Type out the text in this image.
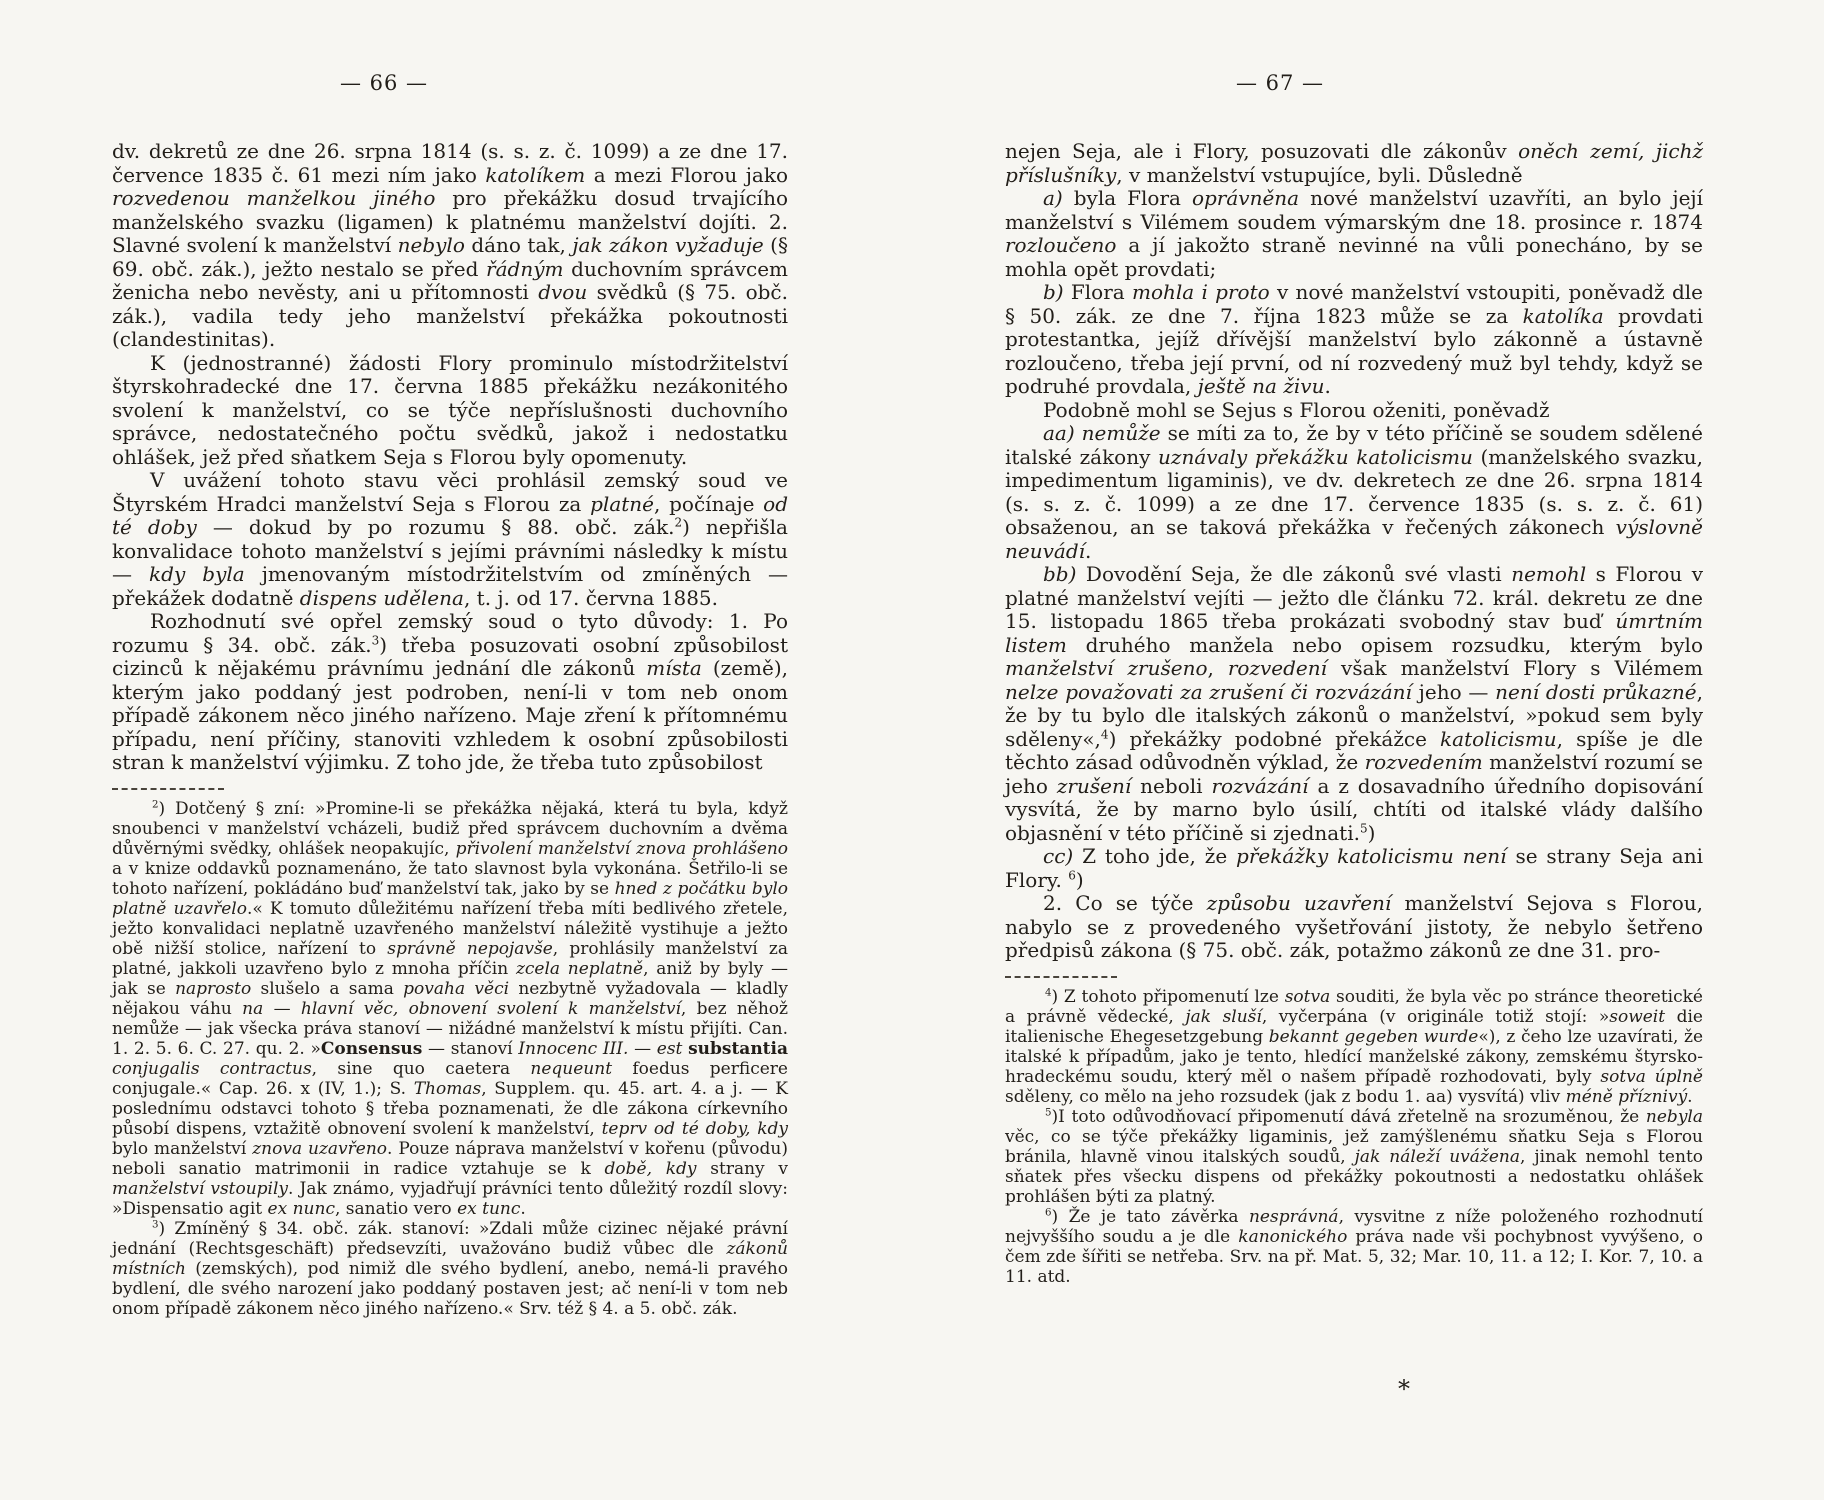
— 66 —

dv. dekretů ze dne 26. srpna 1814 (s. s. z. č. 1099) a ze dne 17. července 1835 č. 61 mezi ním jako katolíkem a mezi Florou jako rozvedenou manželkou jiného pro překážku dosud trvajícího manželského svazku (ligamen) k platnému manželství dojíti. 2. Slavné svolení k manželství nebylo dáno tak, jak zákon vyžaduje (§ 69. obč. zák.), ježto nestalo se před řádným duchovním správcem ženicha nebo nevěsty, ani u přítomnosti dvou svědků (§ 75. obč. zák.), vadila tedy jeho manželství překážka pokoutnosti (clandestinitas).

K (jednostranné) žádosti Flory prominulo místodržitelství štyrskohradecké dne 17. června 1885 překážku nezákonitého svolení k manželství, co se týče nepříslušnosti duchovního správce, nedostatečného počtu svědků, jakož i nedostatku ohlášek, jež před sňatkem Seja s Florou byly opomenuty.

V uvážení tohoto stavu věci prohlásil zemský soud ve Štyrském Hradci manželství Seja s Florou za platné, počínaje od té doby — dokud by po rozumu § 88. obč. zák.$^2$) nepřišla konvalidace tohoto manželství s jejími právními následky k místu — kdy byla jmenovaným místodržitelstvím od zmíněných — překážek dodatně dispens udělena, t. j. od 17. června 1885.

Rozhodnutí své opřel zemský soud o tyto důvody: 1. Po rozumu § 34. obč. zák.$^3$) třeba posuzovati osobní způsobilost cizinců k nějakému právnímu jednání dle zákonů místa (země), kterým jako poddaný jest podroben, není-li v tom neb onom případě zákonem něco jiného nařízeno. Maje zření k přítomnému případu, není příčiny, stanoviti vzhledem k osobní způsobilosti stran k manželství výjimku. Z toho jde, že třeba tuto způsobilost

$^2$) Dotčený § zní: »Promine-li se překážka nějaká, která tu byla, když snoubenci v manželství vcházeli, budiž před správcem duchovním a dvěma důvěrnými svědky, ohlášek neopakujíc, přivolení manželství znova prohlášeno a v knize oddavků poznamenáno, že tato slavnost byla vykonána. Šetřilo-li se tohoto nařízení, pokládáno buď manželství tak, jako by se hned z počátku bylo platně uzavřelo.« K tomuto důležitému nařízení třeba míti bedlivého zřetele, ježto konvalidaci neplatně uzavřeného manželství náležitě vystihuje a ježto obě nižší stolice, nařízení to správně nepojavše, prohlásily manželství za platné, jakkoli uzavřeno bylo z mnoha příčin zcela neplatně, aniž by byly — jak se naprosto slušelo a sama povaha věci nezbytně vyžadovala — kladly nějakou váhu na — hlavní věc, obnovení svolení k manželství, bez něhož nemůže — jak všecka práva stanoví — nižádné manželství k místu přijíti. Can. 1. 2. 5. 6. C. 27. qu. 2. »Consensus — stanoví Innocenc III. — est substantia conjugalis contractus, sine quo caetera nequeunt foedus perficere conjugale.« Cap. 26. x (IV, 1.); S. Thomas, Supplem. qu. 45. art. 4. a j. — K poslednímu odstavci tohoto § třeba poznamenati, že dle zákona církevního působí dispens, vztažitě obnovení svolení k manželství, teprv od té doby, kdy bylo manželství znova uzavřeno. Pouze náprava manželství v kořenu (původu) neboli sanatio matrimonii in radice vztahuje se k době, kdy strany v manželství vstoupily. Jak známo, vyjadřují právníci tento důležitý rozdíl slovy: »Dispensatio agit ex nunc, sanatio vero ex tunc.

$^3$) Zmíněný § 34. obč. zák. stanoví: »Zdali může cizinec nějaké právní jednání (Rechtsgeschäft) předsevzíti, uvažováno budiž vůbec dle zákonů místních (zemských), pod nimiž dle svého bydlení, anebo, nemá-li pravého bydlení, dle svého narození jako poddaný postaven jest; ač není-li v tom neb onom případě zákonem něco jiného nařízeno.« Srv. též § 4. a 5. obč. zák.

— 67 —

nejen Seja, ale i Flory, posuzovati dle zákonův oněch zemí, jichž příslušníky, v manželství vstupujíce, byli. Důsledně

a) byla Flora oprávněna nové manželství uzavříti, an bylo její manželství s Vilémem soudem výmarským dne 18. prosince r. 1874 rozloučeno a jí jakožto straně nevinné na vůli ponecháno, by se mohla opět provdati;

b) Flora mohla i proto v nové manželství vstoupiti, poněvadž dle § 50. zák. ze dne 7. října 1823 může se za katolíka provdati protestantka, jejíž dřívější manželství bylo zákonně a ústavně rozloučeno, třeba její první, od ní rozvedený muž byl tehdy, když se podruhé provdala, ještě na živu.

Podobně mohl se Sejus s Florou oženiti, poněvadž

aa) nemůže se míti za to, že by v této příčině se soudem sdělené italské zákony uznávaly překážku katolicismu (manželského svazku, impedimentum ligaminis), ve dv. dekretech ze dne 26. srpna 1814 (s. s. z. č. 1099) a ze dne 17. července 1835 (s. s. z. č. 61) obsaženou, an se taková překážka v řečených zákonech výslovně neuvádí.

bb) Dovodění Seja, že dle zákonů své vlasti nemohl s Florou v platné manželství vejíti — ježto dle článku 72. král. dekretu ze dne 15. listopadu 1865 třeba prokázati svobodný stav buď úmrtním listem druhého manžela nebo opisem rozsudku, kterým bylo manželství zrušeno, rozvedení však manželství Flory s Vilémem nelze považovati za zrušení či rozvázání jeho — není dosti průkazné, že by tu bylo dle italských zákonů o manželství, »pokud sem byly sděleny«,$^4$) překážky podobné překážce katolicismu, spíše je dle těchto zásad odůvodněn výklad, že rozvedením manželství rozumí se jeho zrušení neboli rozvázání a z dosavadního úředního dopisování vysvítá, že by marno bylo úsilí, chtíti od italské vlády dalšího objasnění v této příčině si zjednati.$^5$)

cc) Z toho jde, že překážky katolicismu není se strany Seja ani Flory. $^6$)

2. Co se týče způsobu uzavření manželství Sejova s Florou, nabylo se z provedeného vyšetřování jistoty, že nebylo šetřeno předpisů zákona (§ 75. obč. zák, potažmo zákonů ze dne 31. pro-

$^4$) Z tohoto připomenutí lze sotva souditi, že byla věc po stránce theoretické a právně vědecké, jak sluší, vyčerpána (v originále totiž stojí: »soweit die italienische Ehegesetzgebung bekannt gegeben wurde«), z čeho lze uzavírati, že italské k případům, jako je tento, hledící manželské zákony, zemskému štyrsko-hradeckému soudu, který měl o našem případě rozhodovati, byly sotva úplně sděleny, co mělo na jeho rozsudek (jak z bodu 1. aa) vysvítá) vliv méně příznivý.

$^5$)I toto odůvodňovací připomenutí dává zřetelně na srozuměnou, že nebyla věc, co se týče překážky ligaminis, jež zamýšlenému sňatku Seja s Florou bránila, hlavně vinou italských soudů, jak náleží uvážena, jinak nemohl tento sňatek přes všecku dispens od překážky pokoutnosti a nedostatku ohlášek prohlášen býti za platný.

$^6$) Že je tato závěrka nesprávná, vysvitne z níže položeného rozhodnutí nejvyššího soudu a je dle kanonického práva nade vši pochybnost vyvýšeno, o čem zde šířiti se netřeba. Srv. na př. Mat. 5, 32; Mar. 10, 11. a 12; I. Kor. 7, 10. a 11. atd.

*
